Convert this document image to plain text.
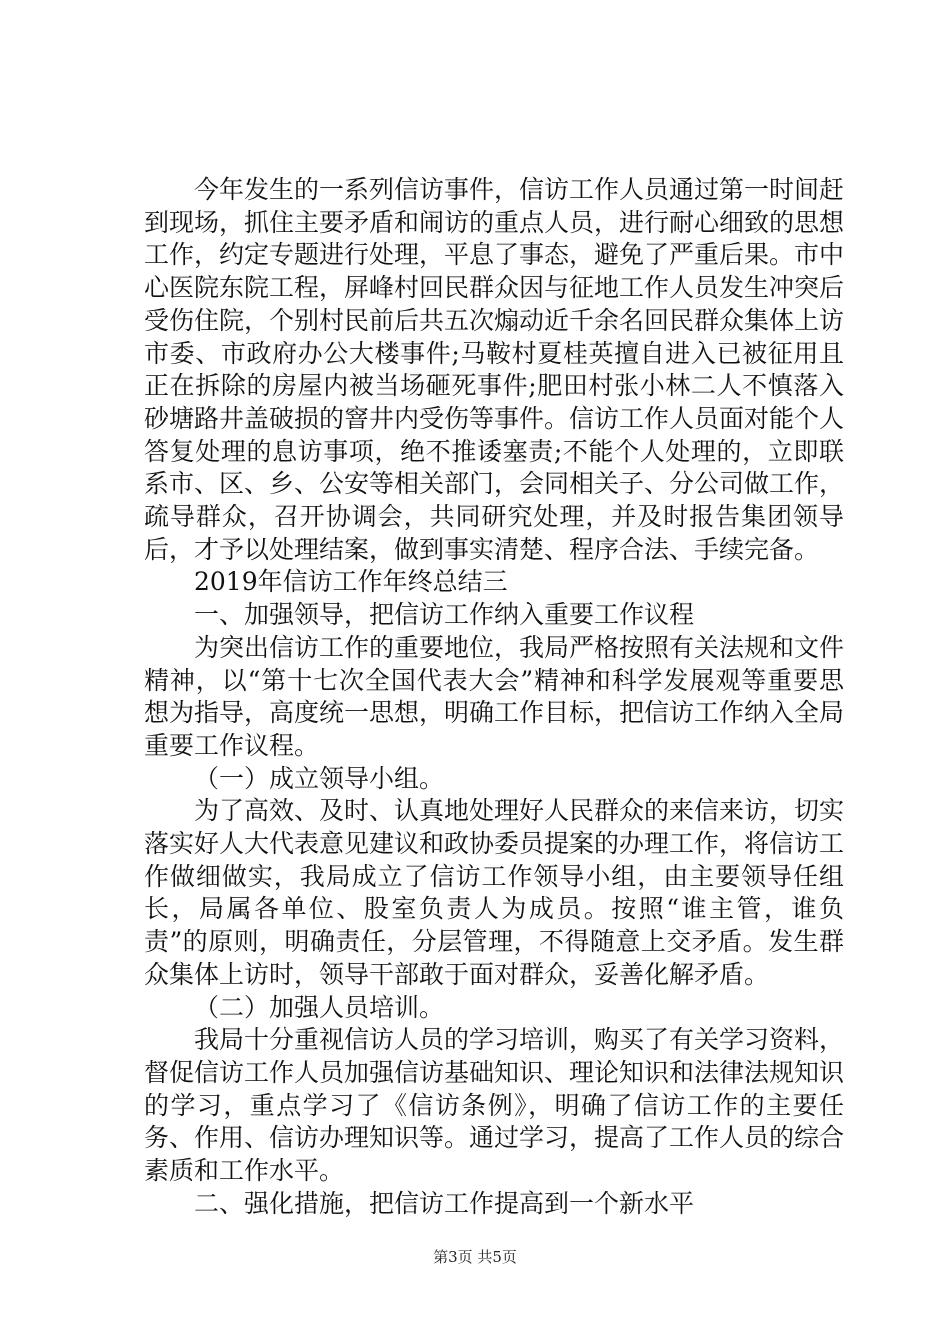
今年发生的一系列信访事件，信访工作人员通过第一时间赶到现场，抓住主要矛盾和闹访的重点人员，进行耐心细致的思想工作，约定专题进行处理，平息了事态，避免了严重后果。市中心医院东院工程，屏峰村回民群众因与征地工作人员发生冲突后受伤住院，个别村民前后共五次煽动近千余名回民群众集体上访市委、市政府办公大楼事件;马鞍村夏桂英擅自进入已被征用且正在拆除的房屋内被当场砸死事件;肥田村张小林二人不慎落入砂塘路井盖破损的窨井内受伤等事件。信访工作人员面对能个人答复处理的息访事项，绝不推诿塞责;不能个人处理的，立即联系市、区、乡、公安等相关部门，会同相关子、分公司做工作，疏导群众，召开协调会，共同研究处理，并及时报告集团领导后，才予以处理结案，做到事实清楚、程序合法、手续完备。

2019年信访工作年终总结三

一、加强领导，把信访工作纳入重要工作议程

为突出信访工作的重要地位，我局严格按照有关法规和文件精神，以“第十七次全国代表大会”精神和科学发展观等重要思想为指导，高度统一思想，明确工作目标，把信访工作纳入全局重要工作议程。

（一）成立领导小组。

为了高效、及时、认真地处理好人民群众的来信来访，切实落实好人大代表意见建议和政协委员提案的办理工作，将信访工作做细做实，我局成立了信访工作领导小组，由主要领导任组长，局属各单位、股室负责人为成员。按照“谁主管，谁负责”的原则，明确责任，分层管理，不得随意上交矛盾。发生群众集体上访时，领导干部敢于面对群众，妥善化解矛盾。

（二）加强人员培训。

我局十分重视信访人员的学习培训，购买了有关学习资料，督促信访工作人员加强信访基础知识、理论知识和法律法规知识的学习，重点学习了《信访条例》，明确了信访工作的主要任务、作用、信访办理知识等。通过学习，提高了工作人员的综合素质和工作水平。

二、强化措施，把信访工作提高到一个新水平

第3页 共5页
